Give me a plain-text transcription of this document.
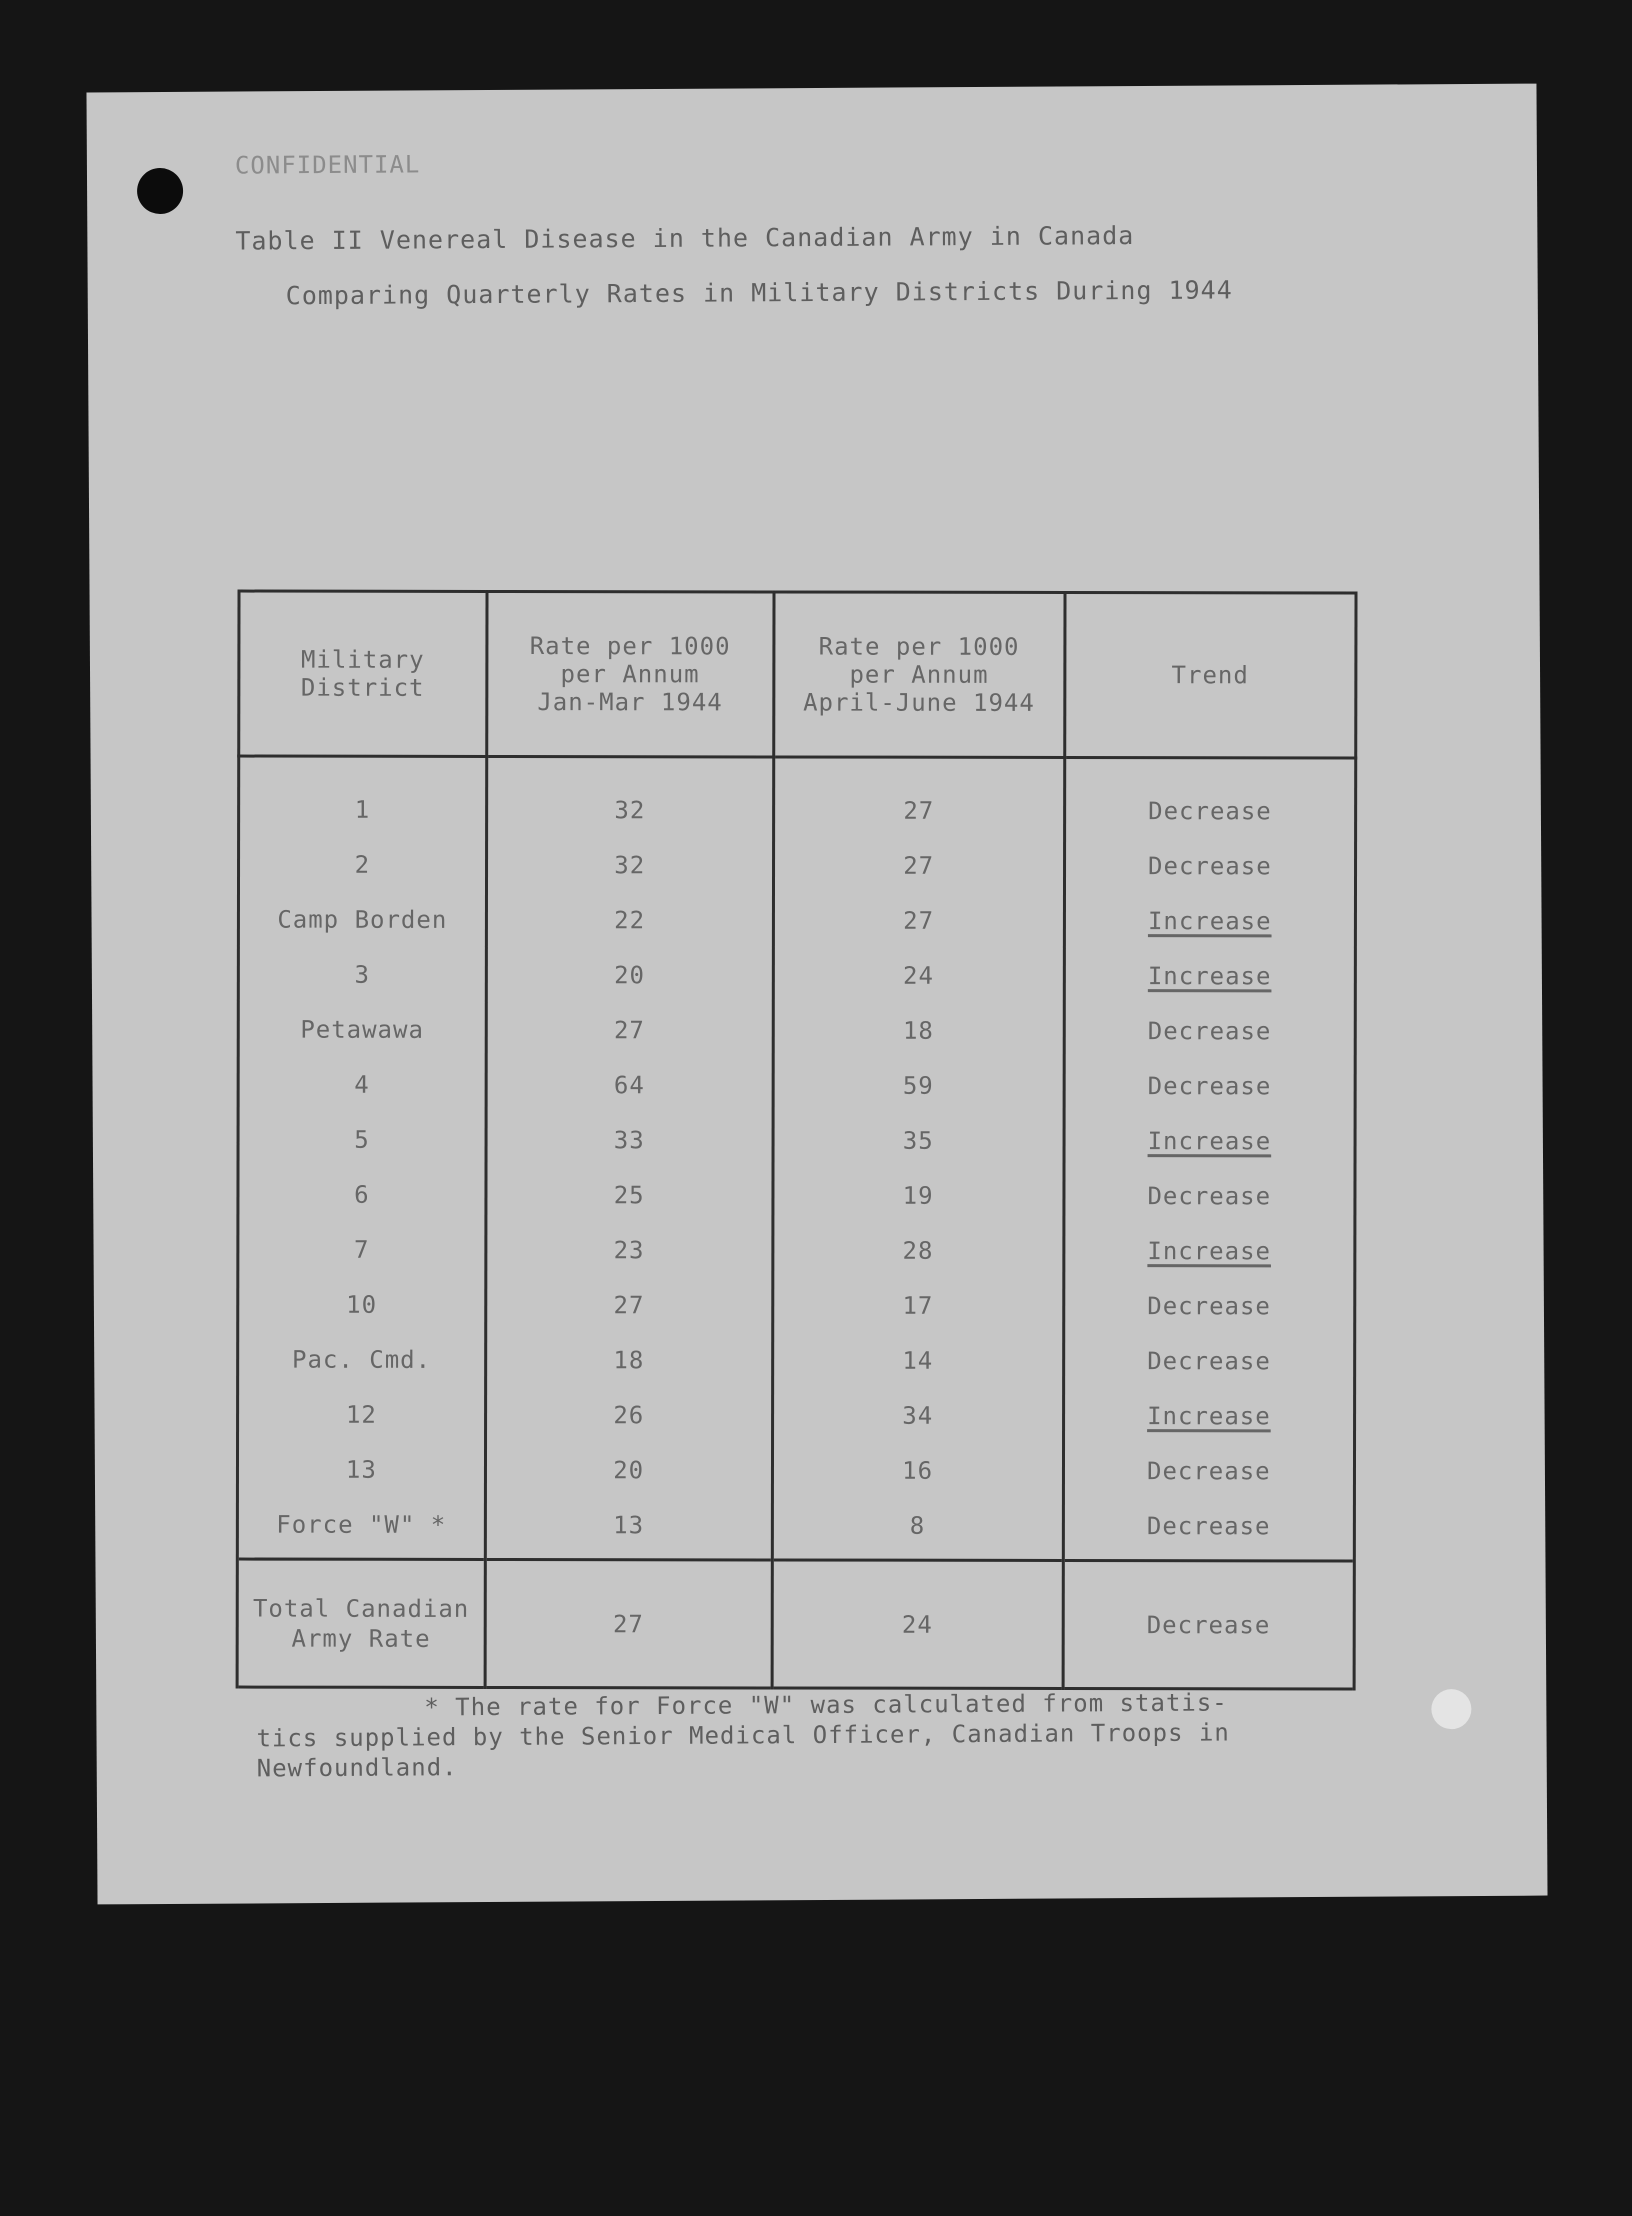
CONFIDENTIAL
Table II Venereal Disease in the Canadian Army in Canada
Comparing Quarterly Rates in Military Districts During 1944
Military
District	Rate per 1000
per Annum
Jan-Mar 1944	Rate per 1000
per Annum
April-June 1944	Trend
1	32	27	Decrease
2	32	27	Decrease
Camp Borden	22	27	Increase
3	20	24	Increase
Petawawa	27	18	Decrease
4	64	59	Decrease
5	33	35	Increase
6	25	19	Decrease
7	23	28	Increase
10	27	17	Decrease
Pac. Cmd.	18	14	Decrease
12	26	34	Increase
13	20	16	Decrease
Force "W" *	13	8	Decrease
Total Canadian
Army Rate	27	24	Decrease
* The rate for Force "W" was calculated from statis-
tics supplied by the Senior Medical Officer, Canadian Troops in
Newfoundland.
